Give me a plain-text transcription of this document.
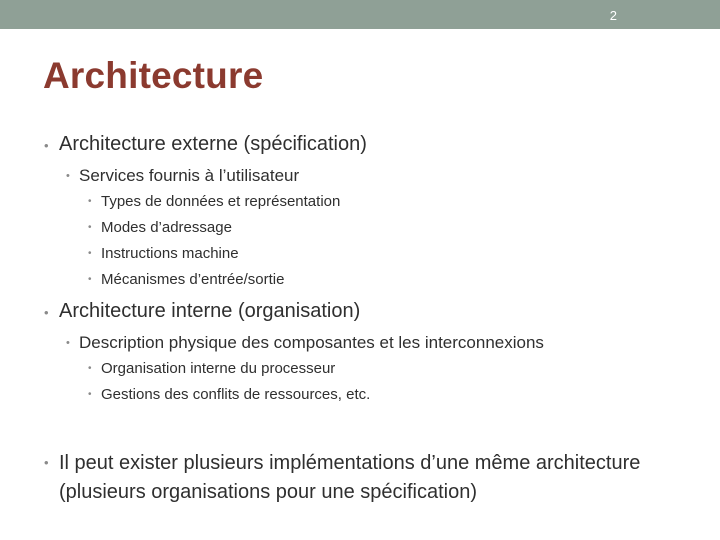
2
Architecture
• Architecture externe (spécification)
• Services fournis à l’utilisateur
• Types de données et représentation
• Modes d’adressage
• Instructions machine
• Mécanismes d’entrée/sortie
• Architecture interne (organisation)
• Description physique des composantes et les interconnexions
• Organisation interne du processeur
• Gestions des conflits de ressources, etc.
• Il peut exister plusieurs implémentations d’une même architecture (plusieurs organisations pour une spécification)
